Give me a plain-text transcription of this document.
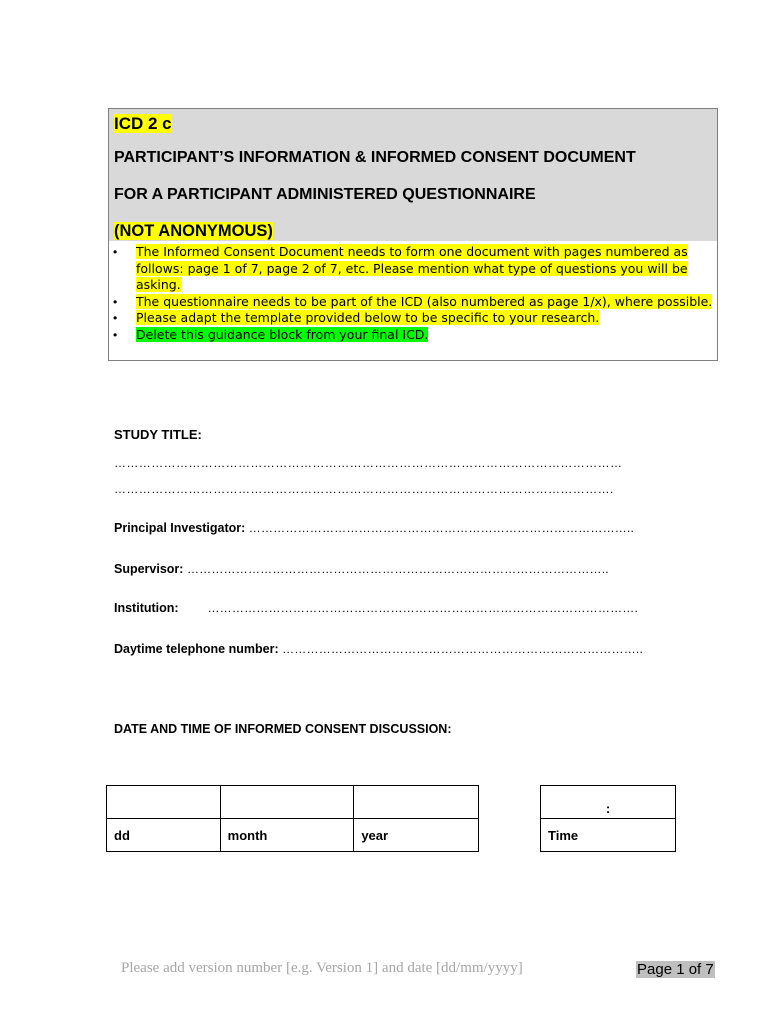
ICD 2 c
PARTICIPANT’S INFORMATION & INFORMED CONSENT DOCUMENT
FOR A PARTICIPANT ADMINISTERED QUESTIONNAIRE
(NOT ANONYMOUS)
• The Informed Consent Document needs to form one document with pages numbered as follows: page 1 of 7, page 2 of 7, etc. Please mention what type of questions you will be asking.
• The questionnaire needs to be part of the ICD (also numbered as page 1/x), where possible.
• Please adapt the template provided below to be specific to your research.
• Delete this guidance block from your final ICD.
STUDY TITLE:
……………………………………………………………………………………………………………
………………………………………………………………………………………………………….
Principal Investigator: …………………………………………………………………………………..
Supervisor: …………………………………………………………………………………………..
Institution: …………………………………………………………………………………………….
Daytime telephone number: ……………………………………………………………………………..
DATE AND TIME OF INFORMED CONSENT DISCUSSION:

dd	month	year
:
Time
Please add version number [e.g. Version 1] and date [dd/mm/yyyy]	Page 1 of 7
